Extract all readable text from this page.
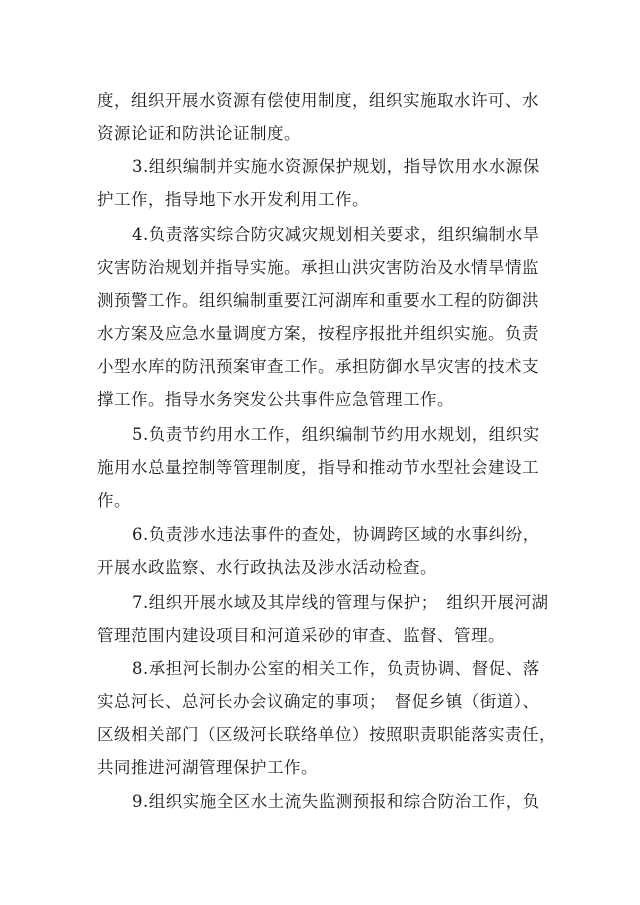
度，组织开展水资源有偿使用制度，组织实施取水许可、水
资源论证和防洪论证制度。
3.组织编制并实施水资源保护规划，指导饮用水水源保
护工作，指导地下水开发利用工作。
4.负责落实综合防灾减灾规划相关要求，组织编制水旱
灾害防治规划并指导实施。承担山洪灾害防治及水情旱情监
测预警工作。组织编制重要江河湖库和重要水工程的防御洪
水方案及应急水量调度方案，按程序报批并组织实施。负责
小型水库的防汛预案审查工作。承担防御水旱灾害的技术支
撑工作。指导水务突发公共事件应急管理工作。
5.负责节约用水工作，组织编制节约用水规划，组织实
施用水总量控制等管理制度，指导和推动节水型社会建设工
作。
6.负责涉水违法事件的查处，协调跨区域的水事纠纷，
开展水政监察、水行政执法及涉水活动检查。
7.组织开展水域及其岸线的管理与保护；　组织开展河湖
管理范围内建设项目和河道采砂的审查、监督、管理。
8.承担河长制办公室的相关工作，负责协调、督促、落
实总河长、总河长办会议确定的事项；　督促乡镇（街道）、
区级相关部门（区级河长联络单位）按照职责职能落实责任，
共同推进河湖管理保护工作。
9.组织实施全区水土流失监测预报和综合防治工作，负
